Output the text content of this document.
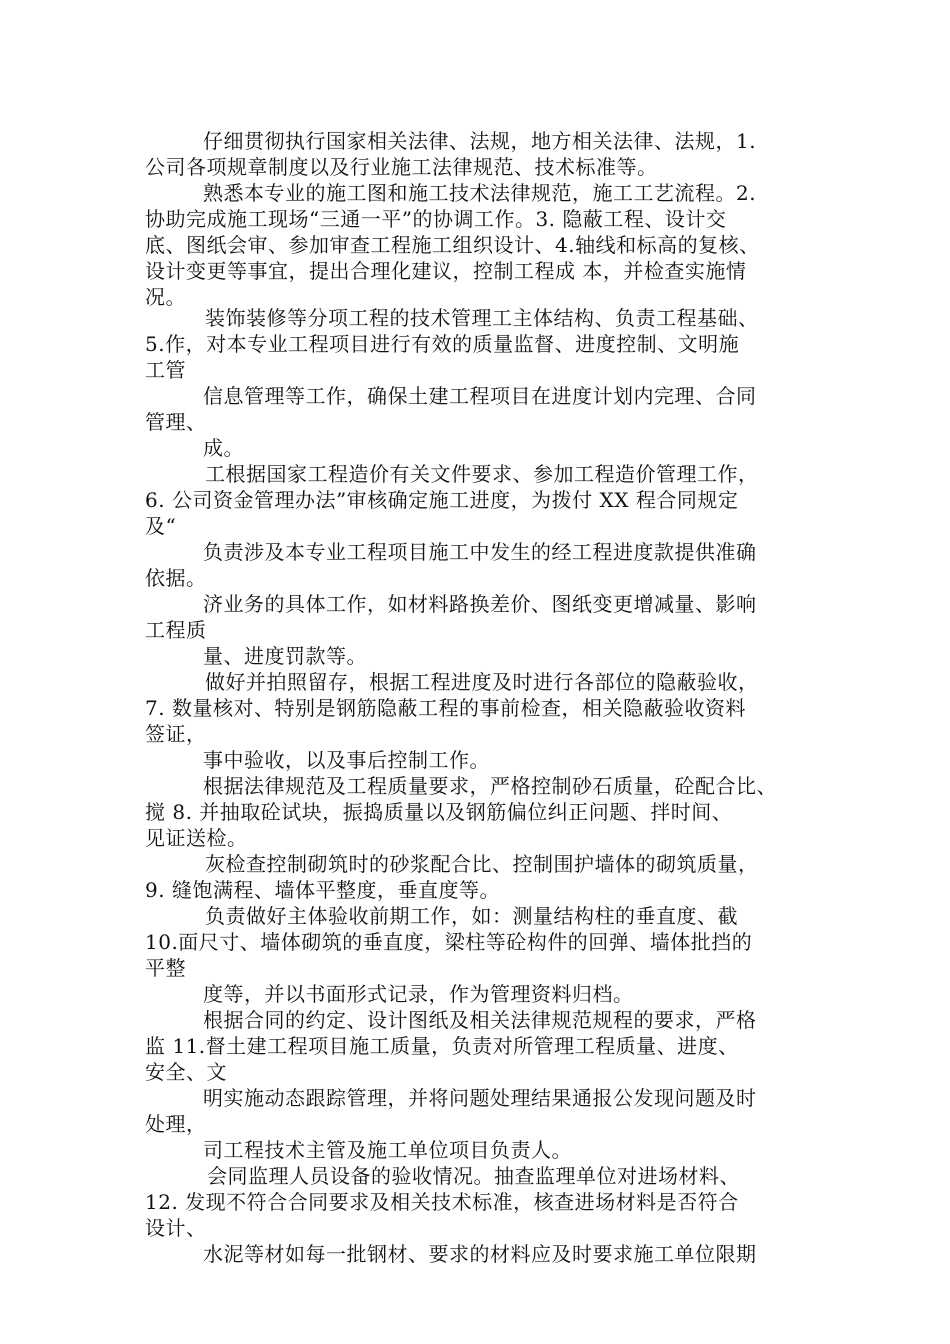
仔细贯彻执行国家相关法律、法规，地方相关法律、法规，1.
公司各项规章制度以及行业施工法律规范、技术标准等。
熟悉本专业的施工图和施工技术法律规范，施工工艺流程。2.
协助完成施工现场“三通一平”的协调工作。3. 隐蔽工程、设计交
底、图纸会审、参加审查工程施工组织设计、4.轴线和标高的复核、
设计变更等事宜，提出合理化建议，控制工程成 本，并检查实施情
况。
装饰装修等分项工程的技术管理工主体结构、负责工程基础、
5.作，对本专业工程项目进行有效的质量监督、进度控制、文明施
工管
信息管理等工作，确保土建工程项目在进度计划内完理、合同
管理、
成。
工根据国家工程造价有关文件要求、参加工程造价管理工作，
6. 公司资金管理办法”审核确定施工进度，为拨付 XX 程合同规定
及“
负责涉及本专业工程项目施工中发生的经工程进度款提供准确
依据。
济业务的具体工作，如材料路换差价、图纸变更增减量、影响
工程质
量、进度罚款等。
做好并拍照留存，根据工程进度及时进行各部位的隐蔽验收，
7. 数量核对、特别是钢筋隐蔽工程的事前检查，相关隐蔽验收资料
签证，
事中验收，以及事后控制工作。
根据法律规范及工程质量要求，严格控制砂石质量，砼配合比、
搅 8. 并抽取砼试块，振捣质量以及钢筋偏位纠正问题、拌时间、
见证送检。
灰检查控制砌筑时的砂浆配合比、控制围护墙体的砌筑质量，
9. 缝饱满程、墙体平整度，垂直度等。
负责做好主体验收前期工作，如：测量结构柱的垂直度、截
10.面尺寸、墙体砌筑的垂直度，梁柱等砼构件的回弹、墙体批挡的
平整
度等，并以书面形式记录，作为管理资料归档。
根据合同的约定、设计图纸及相关法律规范规程的要求，严格
监 11.督土建工程项目施工质量，负责对所管理工程质量、进度、
安全、文
明实施动态跟踪管理，并将问题处理结果通报公发现问题及时
处理，
司工程技术主管及施工单位项目负责人。
会同监理人员设备的验收情况。抽查监理单位对进场材料、
12. 发现不符合合同要求及相关技术标准，核查进场材料是否符合
设计、
水泥等材如每一批钢材、要求的材料应及时要求施工单位限期
